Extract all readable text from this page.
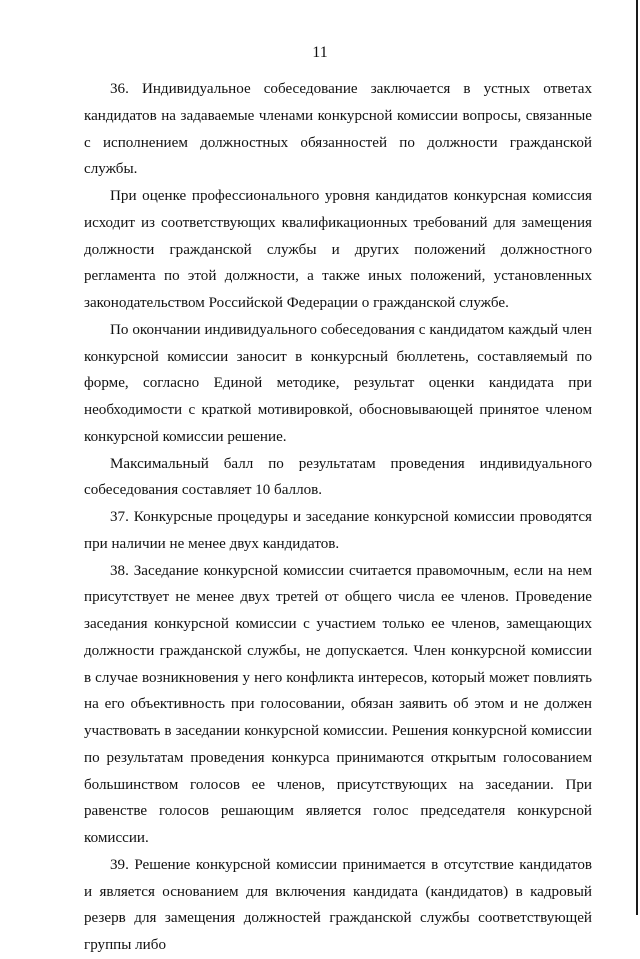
11

36. Индивидуальное собеседование заключается в устных ответах кандидатов на задаваемые членами конкурсной комиссии вопросы, связанные с исполнением должностных обязанностей по должности гражданской службы.

При оценке профессионального уровня кандидатов конкурсная комиссия исходит из соответствующих квалификационных требований для замещения должности гражданской службы и других положений должностного регламента по этой должности, а также иных положений, установленных законодательством Российской Федерации о гражданской службе.

По окончании индивидуального собеседования с кандидатом каждый член конкурсной комиссии заносит в конкурсный бюллетень, составляемый по форме, согласно Единой методике, результат оценки кандидата при необходимости с краткой мотивировкой, обосновывающей принятое членом конкурсной комиссии решение.

Максимальный балл по результатам проведения индивидуального собеседования составляет 10 баллов.

37. Конкурсные процедуры и заседание конкурсной комиссии проводятся при наличии не менее двух кандидатов.

38. Заседание конкурсной комиссии считается правомочным, если на нем присутствует не менее двух третей от общего числа ее членов. Проведение заседания конкурсной комиссии с участием только ее членов, замещающих должности гражданской службы, не допускается. Член конкурсной комиссии в случае возникновения у него конфликта интересов, который может повлиять на его объективность при голосовании, обязан заявить об этом и не должен участвовать в заседании конкурсной комиссии. Решения конкурсной комиссии по результатам проведения конкурса принимаются открытым голосованием большинством голосов ее членов, присутствующих на заседании. При равенстве голосов решающим является голос председателя конкурсной комиссии.

39. Решение конкурсной комиссии принимается в отсутствие кандидатов и является основанием для включения кандидата (кандидатов) в кадровый резерв для замещения должностей гражданской службы соответствующей группы либо
